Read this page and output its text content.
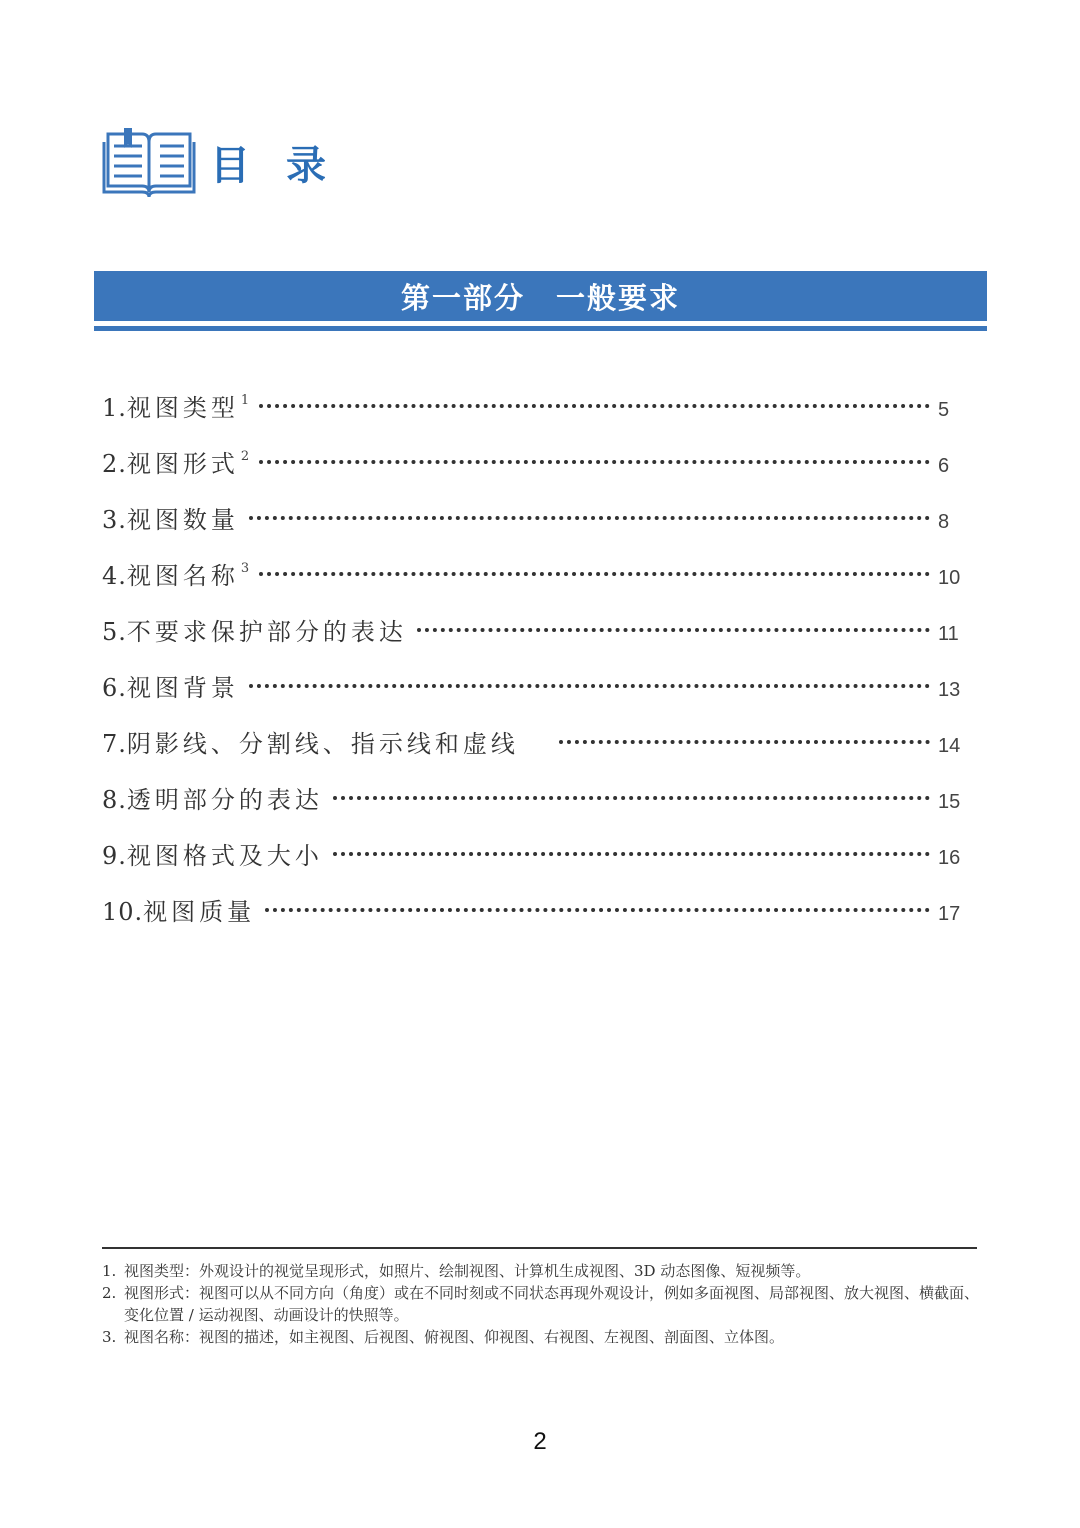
目录
第一部分　一般要求
1. 视图类型 1	5
2. 视图形式 2	6
3. 视图数量	8
4. 视图名称 3	10
5. 不要求保护部分的表达	11
6. 视图背景	13
7. 阴影线、分割线、指示线和虚线	14
8. 透明部分的表达	15
9. 视图格式及大小	16
10. 视图质量	17
1. 视图类型：外观设计的视觉呈现形式，如照片、绘制视图、计算机生成视图、3D 动态图像、短视频等。
2. 视图形式：视图可以从不同方向（角度）或在不同时刻或不同状态再现外观设计，例如多面视图、局部视图、放大视图、横截面、变化位置 / 运动视图、动画设计的快照等。
3. 视图名称：视图的描述，如主视图、后视图、俯视图、仰视图、右视图、左视图、剖面图、立体图。
2
